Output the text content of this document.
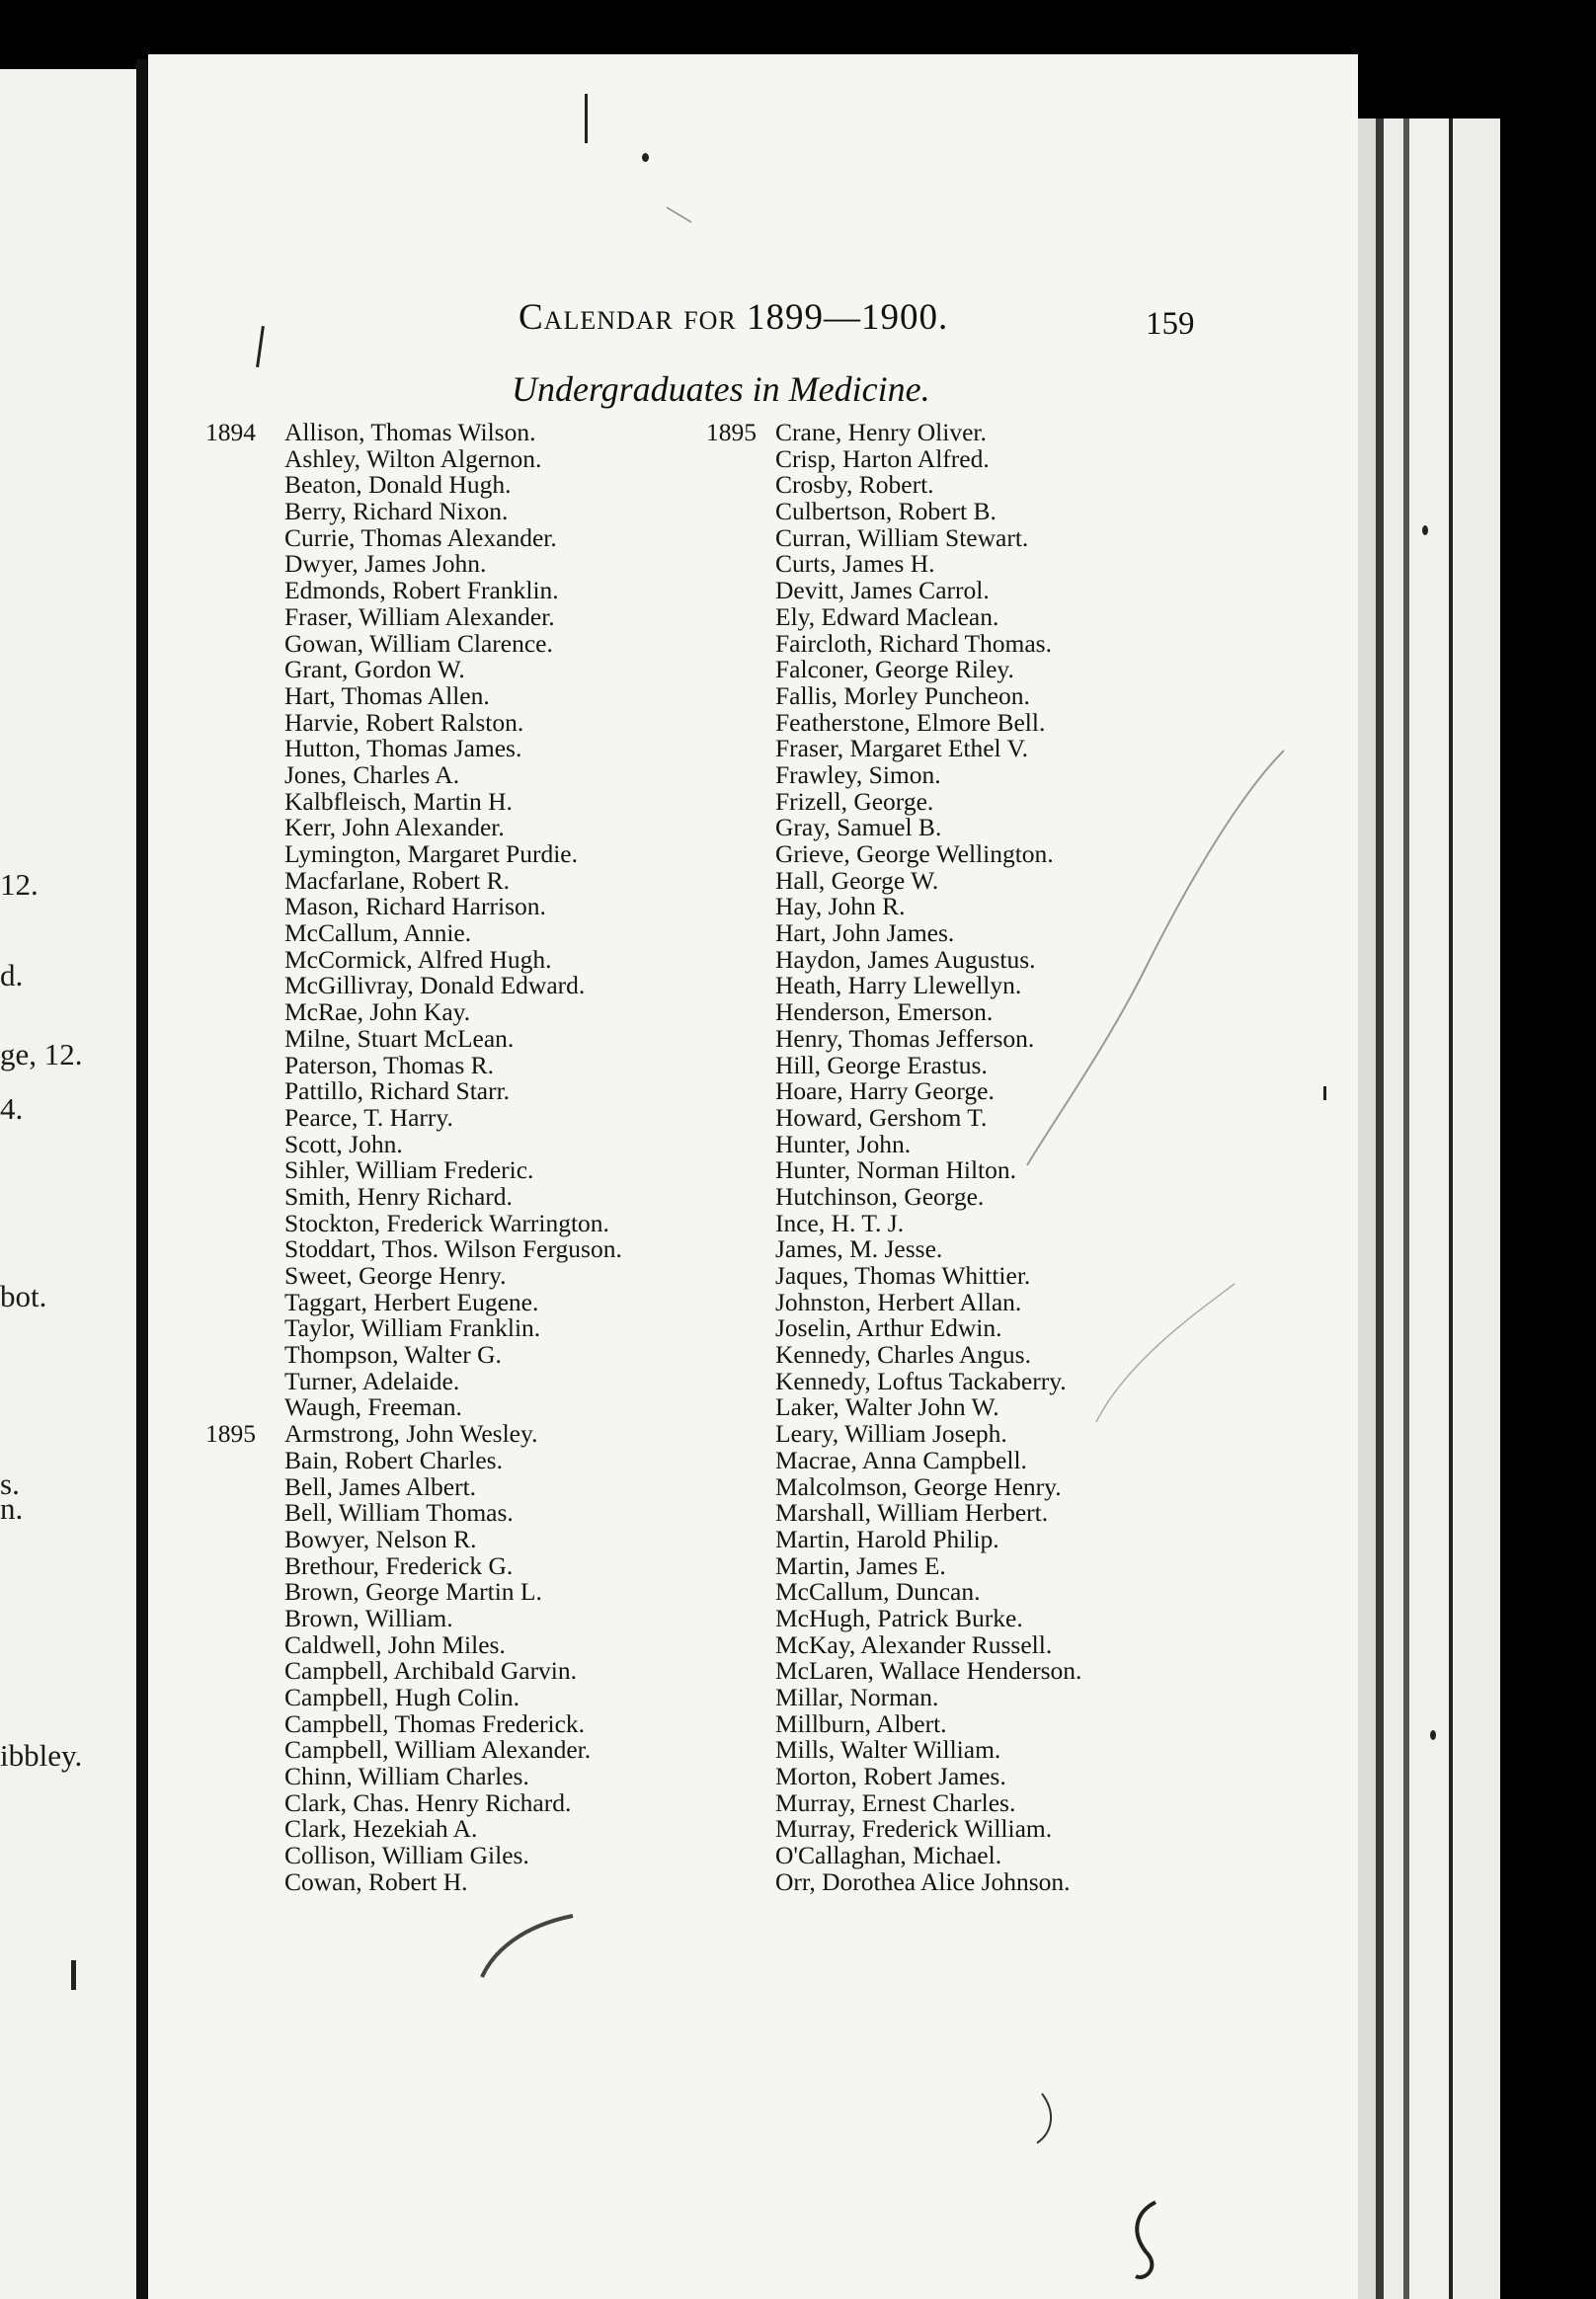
12.
d.
ge, 12.
4.
bot.
s.
n.
ibbley.
Calendar for 1899—1900.	159
Undergraduates in Medicine.
1894 Allison, Thomas Wilson.
Ashley, Wilton Algernon.
Beaton, Donald Hugh.
Berry, Richard Nixon.
Currie, Thomas Alexander.
Dwyer, James John.
Edmonds, Robert Franklin.
Fraser, William Alexander.
Gowan, William Clarence.
Grant, Gordon W.
Hart, Thomas Allen.
Harvie, Robert Ralston.
Hutton, Thomas James.
Jones, Charles A.
Kalbfleisch, Martin H.
Kerr, John Alexander.
Lymington, Margaret Purdie.
Macfarlane, Robert R.
Mason, Richard Harrison.
McCallum, Annie.
McCormick, Alfred Hugh.
McGillivray, Donald Edward.
McRae, John Kay.
Milne, Stuart McLean.
Paterson, Thomas R.
Pattillo, Richard Starr.
Pearce, T. Harry.
Scott, John.
Sihler, William Frederic.
Smith, Henry Richard.
Stockton, Frederick Warrington.
Stoddart, Thos. Wilson Ferguson.
Sweet, George Henry.
Taggart, Herbert Eugene.
Taylor, William Franklin.
Thompson, Walter G.
Turner, Adelaide.
Waugh, Freeman.
1895 Armstrong, John Wesley.
Bain, Robert Charles.
Bell, James Albert.
Bell, William Thomas.
Bowyer, Nelson R.
Brethour, Frederick G.
Brown, George Martin L.
Brown, William.
Caldwell, John Miles.
Campbell, Archibald Garvin.
Campbell, Hugh Colin.
Campbell, Thomas Frederick.
Campbell, William Alexander.
Chinn, William Charles.
Clark, Chas. Henry Richard.
Clark, Hezekiah A.
Collison, William Giles.
Cowan, Robert H.
1895 Crane, Henry Oliver.
Crisp, Harton Alfred.
Crosby, Robert.
Culbertson, Robert B.
Curran, William Stewart.
Curts, James H.
Devitt, James Carrol.
Ely, Edward Maclean.
Faircloth, Richard Thomas.
Falconer, George Riley.
Fallis, Morley Puncheon.
Featherstone, Elmore Bell.
Fraser, Margaret Ethel V.
Frawley, Simon.
Frizell, George.
Gray, Samuel B.
Grieve, George Wellington.
Hall, George W.
Hay, John R.
Hart, John James.
Haydon, James Augustus.
Heath, Harry Llewellyn.
Henderson, Emerson.
Henry, Thomas Jefferson.
Hill, George Erastus.
Hoare, Harry George.
Howard, Gershom T.
Hunter, John.
Hunter, Norman Hilton.
Hutchinson, George.
Ince, H. T. J.
James, M. Jesse.
Jaques, Thomas Whittier.
Johnston, Herbert Allan.
Joselin, Arthur Edwin.
Kennedy, Charles Angus.
Kennedy, Loftus Tackaberry.
Laker, Walter John W.
Leary, William Joseph.
Macrae, Anna Campbell.
Malcolmson, George Henry.
Marshall, William Herbert.
Martin, Harold Philip.
Martin, James E.
McCallum, Duncan.
McHugh, Patrick Burke.
McKay, Alexander Russell.
McLaren, Wallace Henderson.
Millar, Norman.
Millburn, Albert.
Mills, Walter William.
Morton, Robert James.
Murray, Ernest Charles.
Murray, Frederick William.
O'Callaghan, Michael.
Orr, Dorothea Alice Johnson.
